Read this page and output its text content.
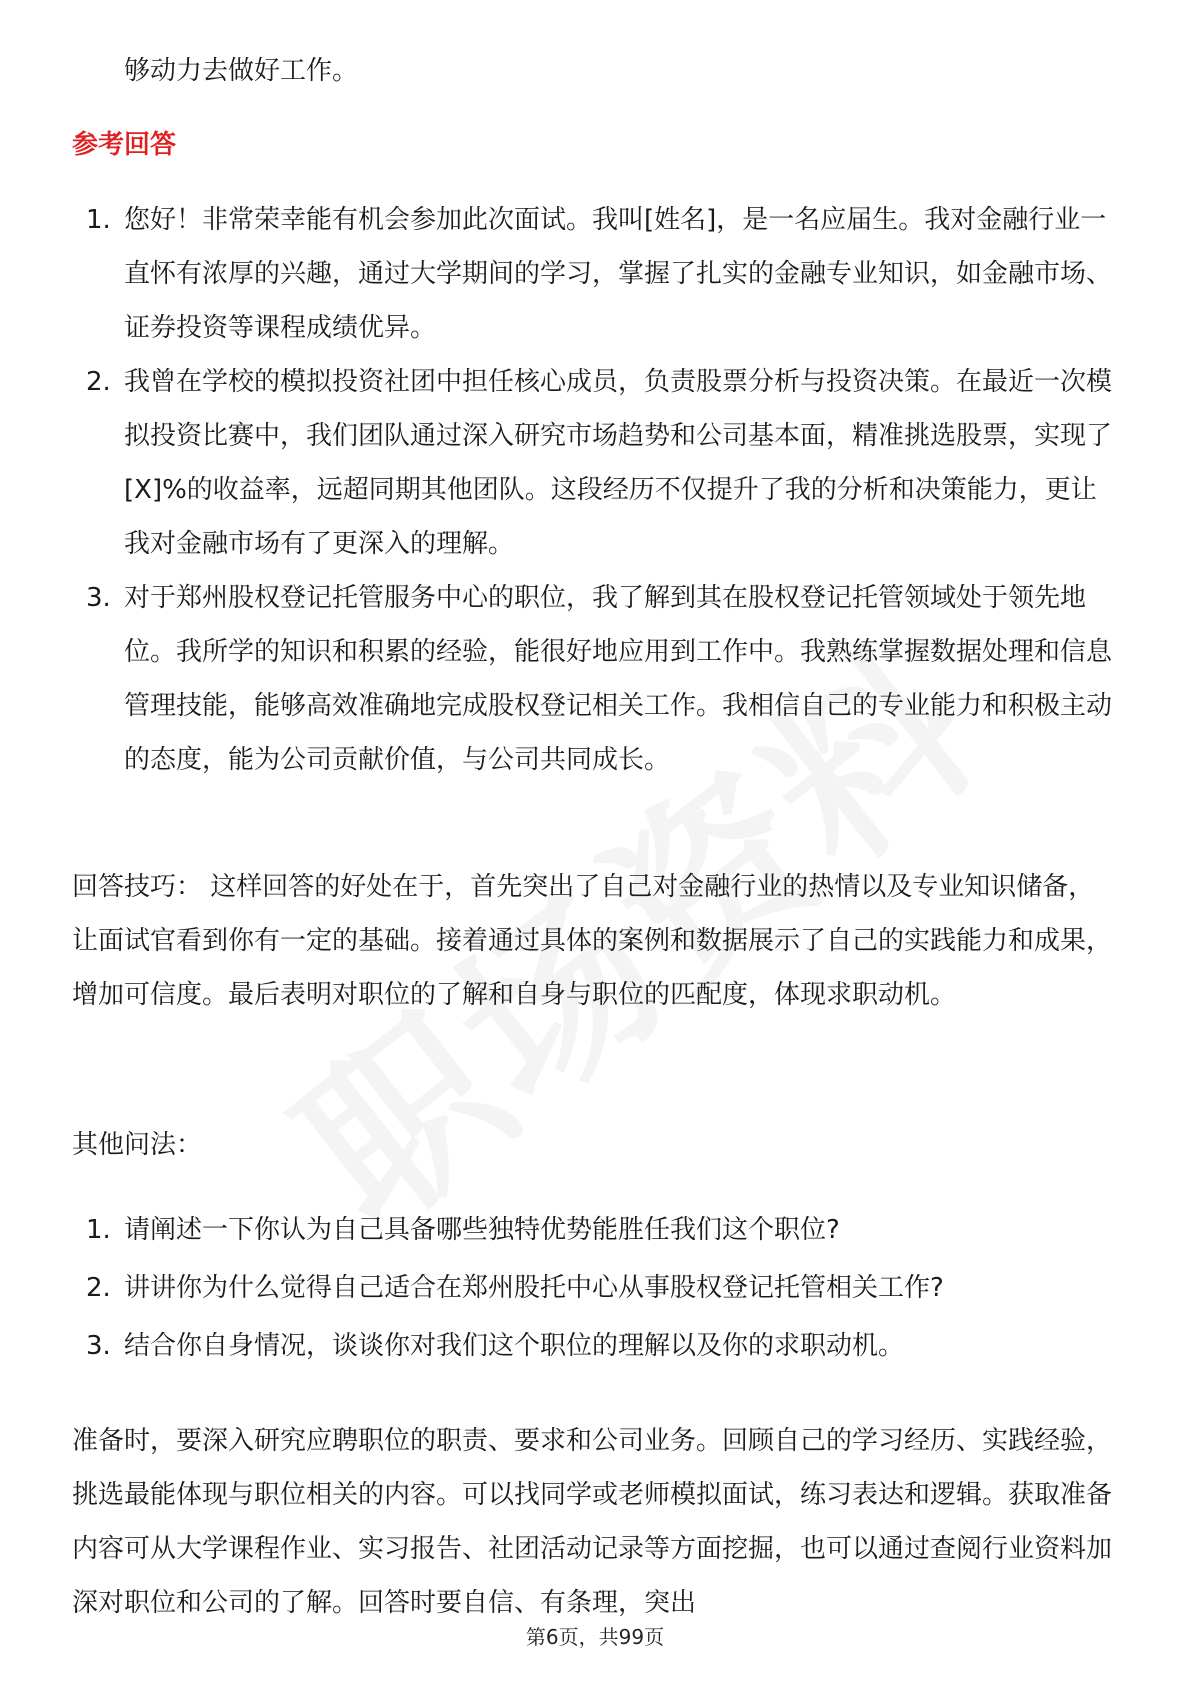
够动力去做好工作。
参考回答
1. 您好！非常荣幸能有机会参加此次面试。我叫[姓名]，是一名应届生。我对金融行业一直怀有浓厚的兴趣，通过大学期间的学习，掌握了扎实的金融专业知识，如金融市场、证券投资等课程成绩优异。
2. 我曾在学校的模拟投资社团中担任核心成员，负责股票分析与投资决策。在最近一次模拟投资比赛中，我们团队通过深入研究市场趋势和公司基本面，精准挑选股票，实现了[X]%的收益率，远超同期其他团队。这段经历不仅提升了我的分析和决策能力，更让我对金融市场有了更深入的理解。
3. 对于郑州股权登记托管服务中心的职位，我了解到其在股权登记托管领域处于领先地位。我所学的知识和积累的经验，能很好地应用到工作中。我熟练掌握数据处理和信息管理技能，能够高效准确地完成股权登记相关工作。我相信自己的专业能力和积极主动的态度，能为公司贡献价值，与公司共同成长。
回答技巧： 这样回答的好处在于，首先突出了自己对金融行业的热情以及专业知识储备，让面试官看到你有一定的基础。接着通过具体的案例和数据展示了自己的实践能力和成果，增加可信度。最后表明对职位的了解和自身与职位的匹配度，体现求职动机。
其他问法：
1. 请阐述一下你认为自己具备哪些独特优势能胜任我们这个职位?
2. 讲讲你为什么觉得自己适合在郑州股托中心从事股权登记托管相关工作?
3. 结合你自身情况，谈谈你对我们这个职位的理解以及你的求职动机。
准备时，要深入研究应聘职位的职责、要求和公司业务。回顾自己的学习经历、实践经验，挑选最能体现与职位相关的内容。可以找同学或老师模拟面试，练习表达和逻辑。获取准备内容可从大学课程作业、实习报告、社团活动记录等方面挖掘，也可以通过查阅行业资料加深对职位和公司的了解。回答时要自信、有条理，突出
第6页，共99页
